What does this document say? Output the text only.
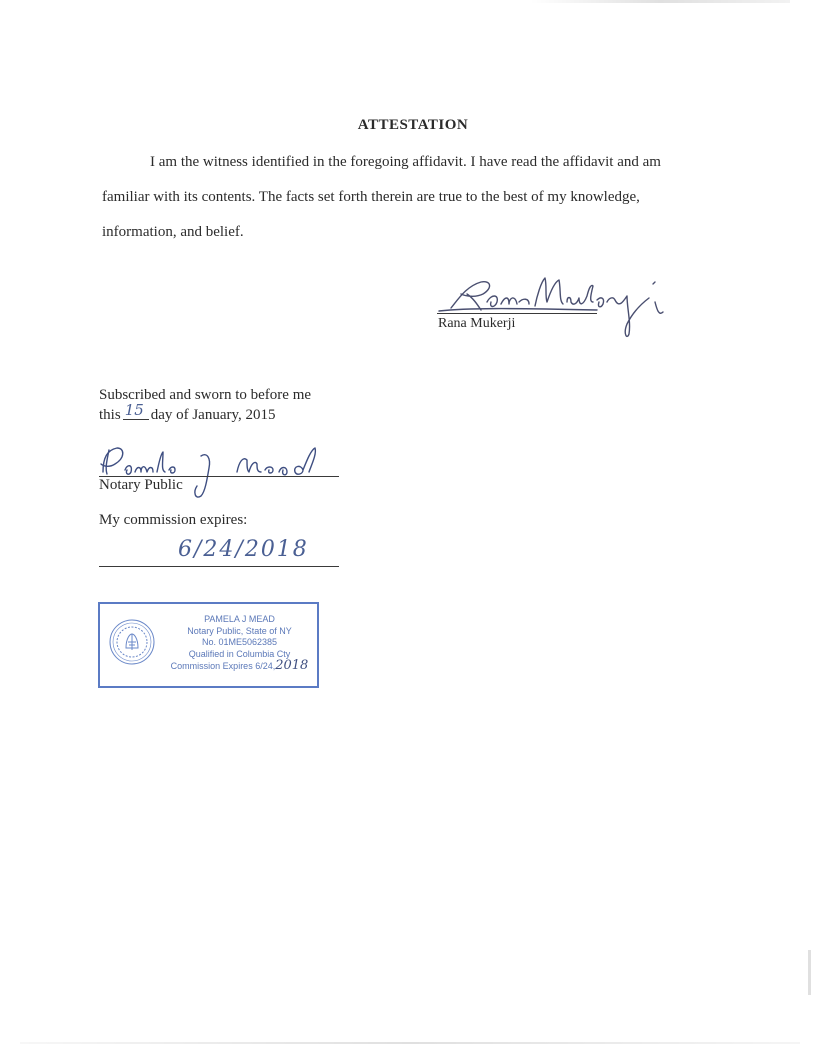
ATTESTATION
I am the witness identified in the foregoing affidavit. I have read the affidavit and am
familiar with its contents. The facts set forth therein are true to the best of my knowledge,
information, and belief.
Rana Mukerji
Subscribed and sworn to before me
this 15 day of January, 2015
Notary Public
My commission expires:
6/24/2018
PAMELA J MEAD
Notary Public, State of NY
No. 01ME5062385
Qualified in Columbia Cty
Commission Expires 6/24,2018
